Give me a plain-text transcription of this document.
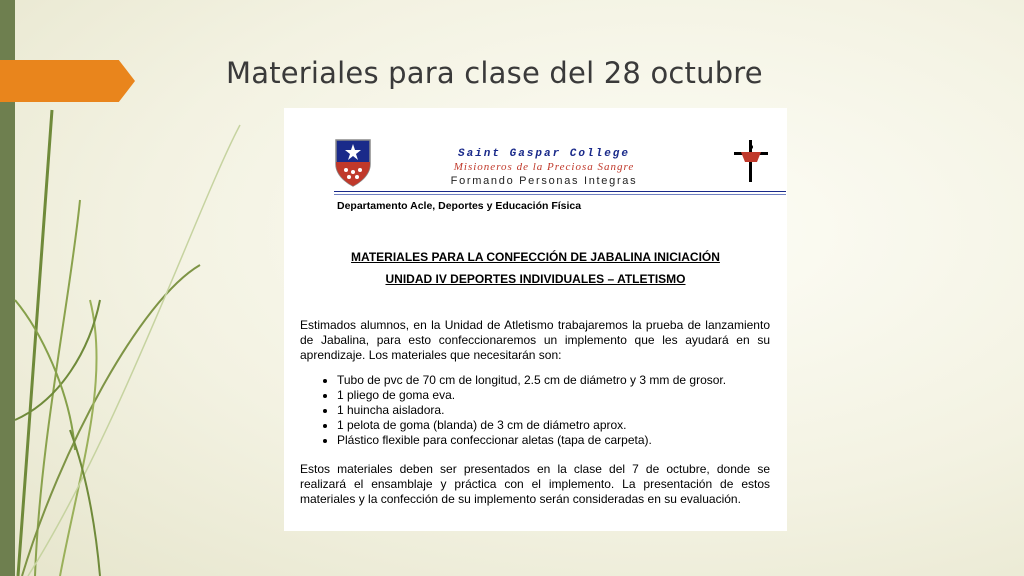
Materiales para clase del 28 octubre
Saint Gaspar College
Misioneros de la Preciosa Sangre
Formando Personas Integras
Departamento Acle, Deportes y Educación Física
MATERIALES PARA LA CONFECCIÓN DE JABALINA INICIACIÓN
UNIDAD IV DEPORTES INDIVIDUALES – ATLETISMO

Estimados alumnos, en la Unidad de Atletismo trabajaremos la prueba de lanzamiento de Jabalina, para esto confeccionaremos un implemento que les ayudará en su aprendizaje. Los materiales que necesitarán son:

• Tubo de pvc de 70 cm de longitud, 2.5 cm de diámetro y 3 mm de grosor.
• 1 pliego de goma eva.
• 1 huincha aisladora.
• 1 pelota de goma (blanda) de 3 cm de diámetro aprox.
• Plástico flexible para confeccionar aletas (tapa de carpeta).

Estos materiales deben ser presentados en la clase del 7 de octubre, donde se realizará el ensamblaje y práctica con el implemento. La presentación de estos materiales y la confección de su implemento serán consideradas en su evaluación.
